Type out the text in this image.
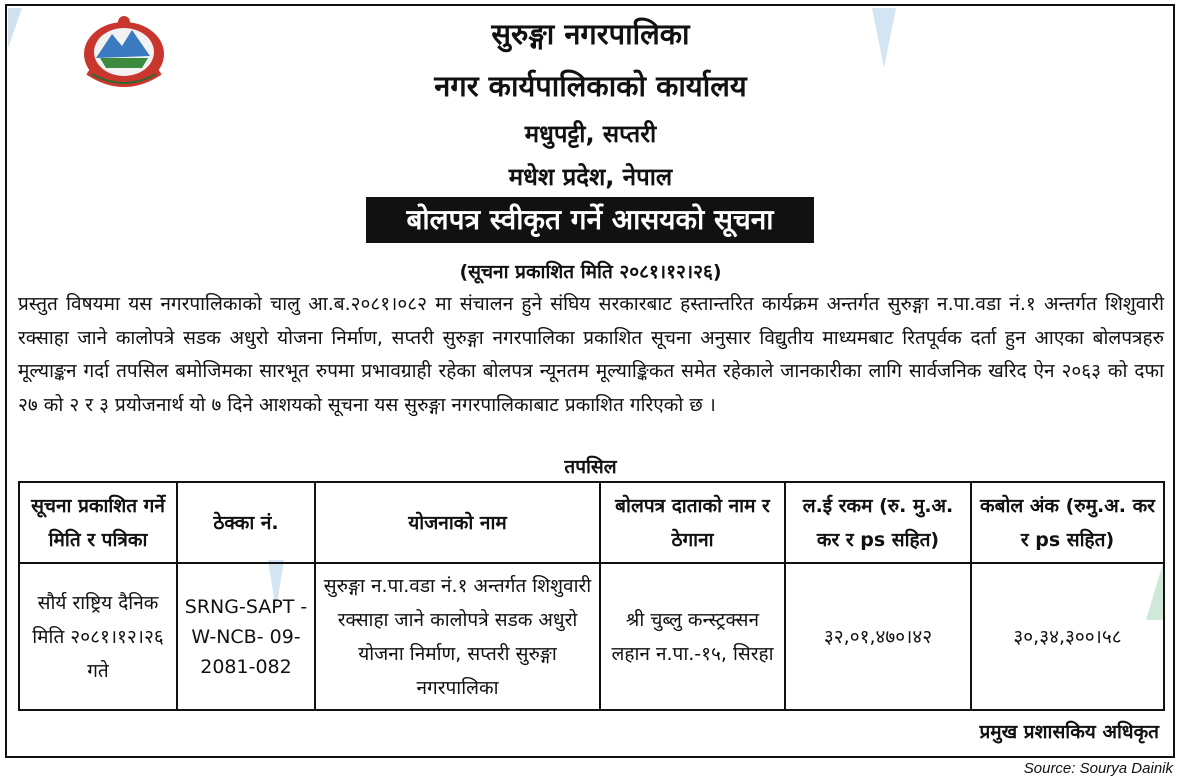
सुरुङ्गा नगरपालिका
नगर कार्यपालिकाको कार्यालय
मधुपट्टी, सप्तरी
मधेश प्रदेश, नेपाल
बोलपत्र स्वीकृत गर्ने आसयको सूचना
(सूचना प्रकाशित मिति २०८१।१२।२६)
प्रस्तुत विषयमा यस नगरपालिकाको चालु आ.ब.२०८१।०८२ मा संचालन हुने संघिय सरकारबाट हस्तान्तरित कार्यक्रम अन्तर्गत सुरुङ्गा न.पा.वडा नं.१ अन्तर्गत शिशुवारी रक्साहा जाने कालोपत्रे सडक अधुरो योजना निर्माण, सप्तरी सुरुङ्गा नगरपालिका प्रकाशित सूचना अनुसार विद्युतीय माध्यमबाट रितपूर्वक दर्ता हुन आएका बोलपत्रहरु मूल्याङ्कन गर्दा तपसिल बमोजिमका सारभूत रुपमा प्रभावग्राही रहेका बोलपत्र न्यूनतम मूल्याङ्किकत समेत रहेकाले जानकारीका लागि सार्वजनिक खरिद ऐन २०६३ को दफा २७ को २ र ३ प्रयोजनार्थ यो ७ दिने आशयको सूचना यस सुरुङ्गा नगरपालिकाबाट प्रकाशित गरिएको छ ।
तपसिल
सूचना प्रकाशित गर्ने मिति र पत्रिका	ठेक्का नं.	योजनाको नाम	बोलपत्र दाताको नाम र ठेगाना	ल.ई रकम (रु. मु.अ. कर र ps सहित)	कबोल अंक (रुमु.अ. कर र ps सहित)
सौर्य राष्ट्रिय दैनिक मिति २०८१।१२।२६ गते	SRNG-SAPT -W-NCB- 09-2081-082	सुरुङ्गा न.पा.वडा नं.१ अन्तर्गत शिशुवारी रक्साहा जाने कालोपत्रे सडक अधुरो योजना निर्माण, सप्तरी सुरुङ्गा नगरपालिका	श्री चुब्लु कन्स्ट्रक्सन लहान न.पा.-१५, सिरहा	३२,०१,४७०।४२	३०,३४,३००।५८
प्रमुख प्रशासकिय अधिकृत
Source: Sourya Dainik
